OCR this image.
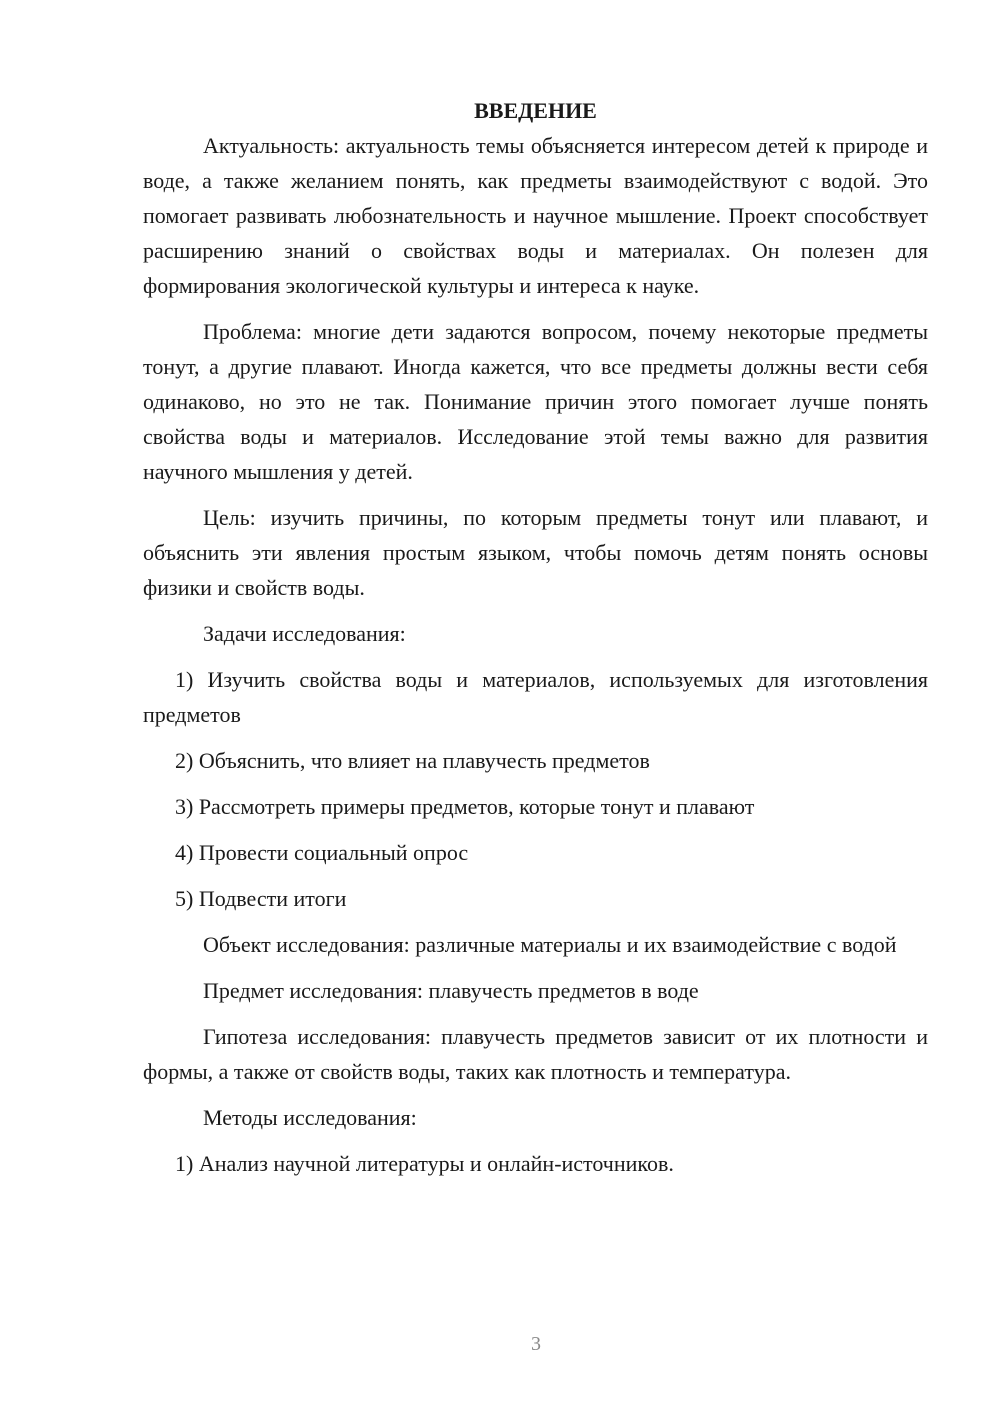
ВВЕДЕНИЕ

Актуальность: актуальность темы объясняется интересом детей к природе и воде, а также желанием понять, как предметы взаимодействуют с водой. Это помогает развивать любознательность и научное мышление. Проект способствует расширению знаний о свойствах воды и материалах. Он полезен для формирования экологической культуры и интереса к науке.

Проблема: многие дети задаются вопросом, почему некоторые предметы тонут, а другие плавают. Иногда кажется, что все предметы должны вести себя одинаково, но это не так. Понимание причин этого помогает лучше понять свойства воды и материалов. Исследование этой темы важно для развития научного мышления у детей.

Цель: изучить причины, по которым предметы тонут или плавают, и объяснить эти явления простым языком, чтобы помочь детям понять основы физики и свойств воды.

Задачи исследования:

1) Изучить свойства воды и материалов, используемых для изготовления предметов

2) Объяснить, что влияет на плавучесть предметов

3) Рассмотреть примеры предметов, которые тонут и плавают

4) Провести социальный опрос

5) Подвести итоги

Объект исследования: различные материалы и их взаимодействие с водой

Предмет исследования: плавучесть предметов в воде

Гипотеза исследования: плавучесть предметов зависит от их плотности и формы, а также от свойств воды, таких как плотность и температура.

Методы исследования:

1) Анализ научной литературы и онлайн-источников.

3
